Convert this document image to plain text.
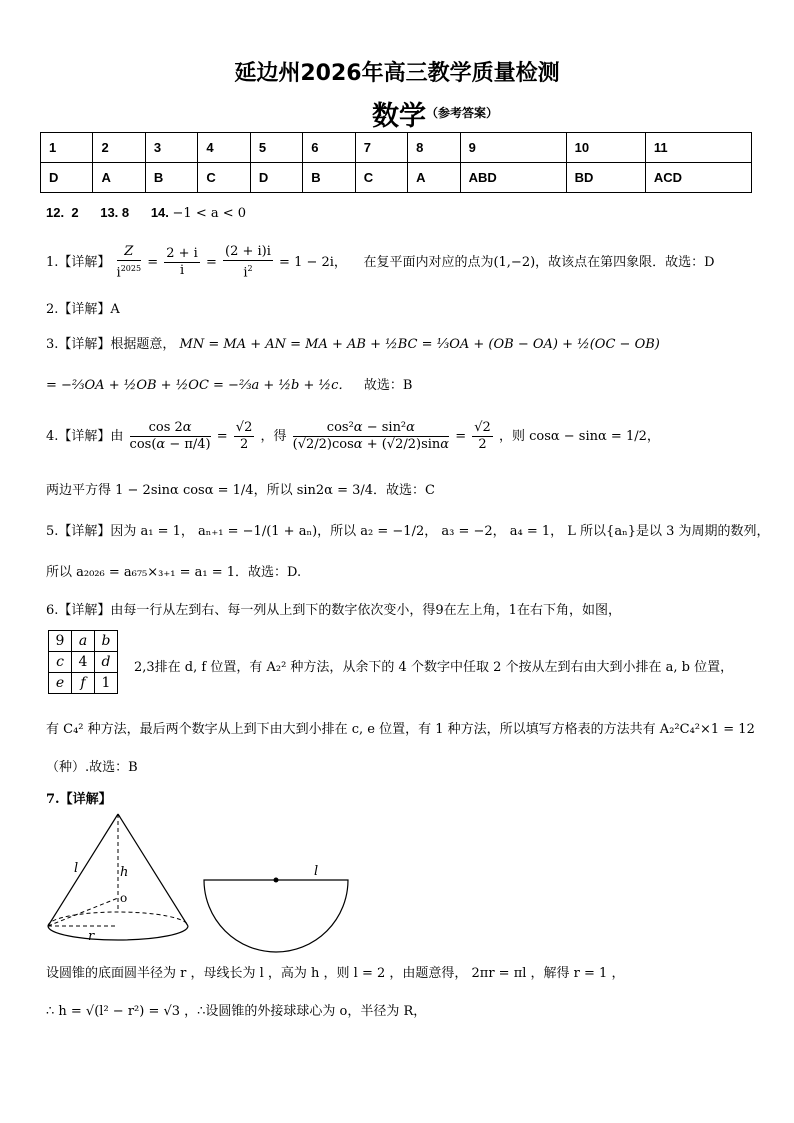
延边州2026年高三教学质量检测
数学$^{(参考答案)}$
1	2	3	4	5	6	7	8	9	10	11
D	A	B	C	D	B	C	A	ABD	BD	ACD
12. 2 13. 8 14. −1 < a < 0
1.【详解】 $\frac{Z}{i^{2025}} = \frac{2 + i}{i} = \frac{(2 + i)i}{i^2} = 1 - 2i$，    在复平面内对应的点为(1,−2)，故该点在第四象限．故选：D
2.【详解】A
3.【详解】根据题意， MN = MA + AN = MA + AB + ½BC = ⅓OA + (OB − OA) + ½(OC − OB)
= −⅔OA + ½OB + ½OC = −⅔a + ½b + ½c． 故选：B
4.【详解】由 $\frac{\cos 2\alpha}{\cos(\alpha - \pi/4)} = \frac{√2}{2}$ ，得 $\frac{\text{cos²α − sin²α}}{(√2/2)\cos\alpha + (√2/2)\sin\alpha} = \frac{√2}{2}$ ，则 cosα − sinα = 1/2，
两边平方得 1 − 2sinα cosα = 1/4，所以 sin2α = 3/4．故选：C
5.【详解】因为 a₁ = 1， aₙ₊₁ = −1/(1 + aₙ)，所以 a₂ = −1/2， a₃ = −2， a₄ = 1， L 所以{aₙ}是以 3 为周期的数列，
所以 a₂₀₂₆ = a₆₇₅×₃₊₁ = a₁ = 1．故选：D.
6.【详解】由每一行从左到右、每一列从上到下的数字依次变小，得9在左上角，1在右下角，如图，
9	a	b
c	4	d
e	f	1
2,3排在 d, f 位置，有 A₂² 种方法，从余下的 4 个数字中任取 2 个按从左到右由大到小排在 a, b 位置，
有 C₄² 种方法，最后两个数字从上到下由大到小排在 c, e 位置，有 1 种方法，所以填写方格表的方法共有 A₂²C₄²×1 = 12
（种）.故选：B
7.【详解】
l	h
o
r
l
设圆锥的底面圆半径为 r ，母线长为 l ，高为 h ，则 l = 2 ，由题意得， 2πr = πl ，解得 r = 1 ，
∴ h = √(l² − r²) = √3 ，∴设圆锥的外接球球心为 o，半径为 R，
